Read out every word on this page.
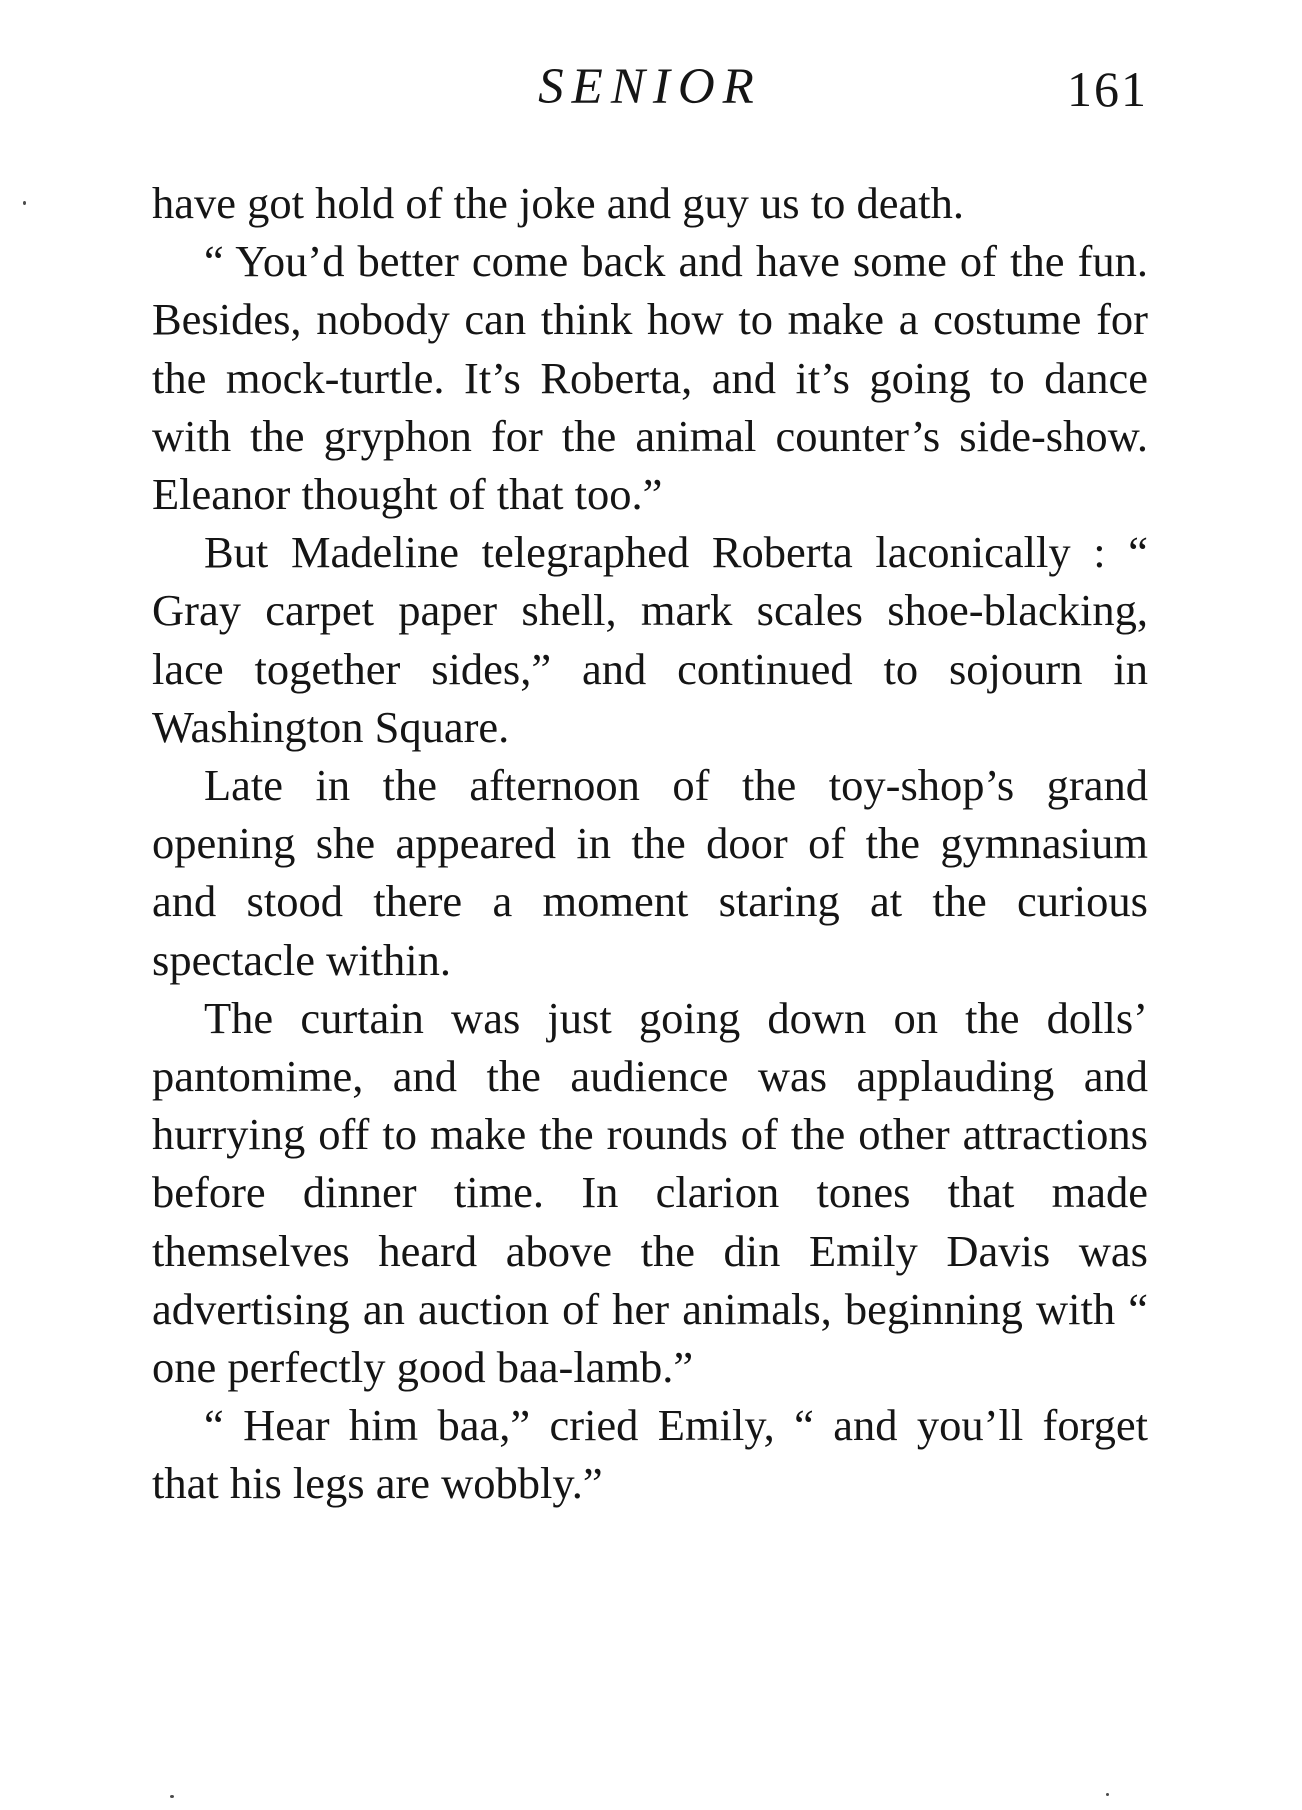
SENIOR	161

have got hold of the joke and guy us to death.

“ You’d better come back and have some of the fun. Besides, nobody can think how to make a costume for the mock-turtle. It’s Roberta, and it’s going to dance with the gryphon for the animal counter’s side-show. Eleanor thought of that too.”

But Madeline telegraphed Roberta laconically : “ Gray carpet paper shell, mark scales shoe-blacking, lace together sides,” and continued to sojourn in Washington Square.

Late in the afternoon of the toy-shop’s grand opening she appeared in the door of the gymnasium and stood there a moment staring at the curious spectacle within.

The curtain was just going down on the dolls’ pantomime, and the audience was applauding and hurrying off to make the rounds of the other attractions before dinner time. In clarion tones that made themselves heard above the din Emily Davis was advertising an auction of her animals, beginning with “ one perfectly good baa-lamb.”

“ Hear him baa,” cried Emily, “ and you’ll forget that his legs are wobbly.”
